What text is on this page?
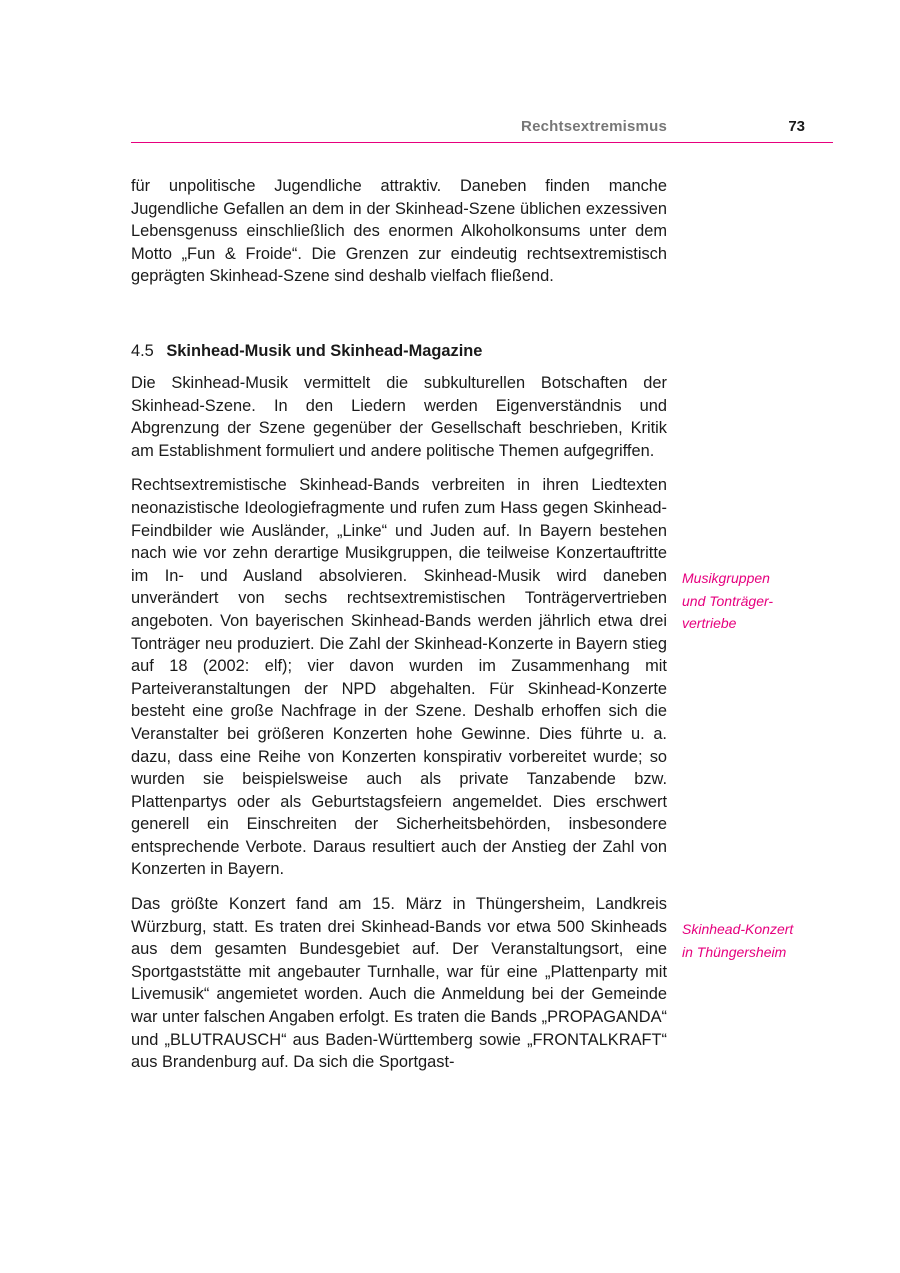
Rechtsextremismus	73

für unpolitische Jugendliche attraktiv. Daneben finden manche Jugendliche Gefallen an dem in der Skinhead-Szene üblichen exzessiven Lebensgenuss einschließlich des enormen Alkoholkonsums unter dem Motto „Fun & Froide“. Die Grenzen zur eindeutig rechtsextremistisch geprägten Skinhead-Szene sind deshalb vielfach fließend.

4.5 Skinhead-Musik und Skinhead-Magazine

Die Skinhead-Musik vermittelt die subkulturellen Botschaften der Skinhead-Szene. In den Liedern werden Eigenverständnis und Abgrenzung der Szene gegenüber der Gesellschaft beschrieben, Kritik am Establishment formuliert und andere politische Themen aufgegriffen.

Rechtsextremistische Skinhead-Bands verbreiten in ihren Liedtexten neonazistische Ideologiefragmente und rufen zum Hass gegen Skinhead-Feindbilder wie Ausländer, „Linke“ und Juden auf. In Bayern bestehen nach wie vor zehn derartige Musikgruppen, die teilweise Konzertauftritte im In- und Ausland absolvieren. Skinhead-Musik wird daneben unverändert von sechs rechtsextremistischen Tonträgervertrieben angeboten. Von bayerischen Skinhead-Bands werden jährlich etwa drei Tonträger neu produziert. Die Zahl der Skinhead-Konzerte in Bayern stieg auf 18 (2002: elf); vier davon wurden im Zusammenhang mit Parteiveranstaltungen der NPD abgehalten. Für Skinhead-Konzerte besteht eine große Nachfrage in der Szene. Deshalb erhoffen sich die Veranstalter bei größeren Konzerten hohe Gewinne. Dies führte u. a. dazu, dass eine Reihe von Konzerten konspirativ vorbereitet wurde; so wurden sie beispielsweise auch als private Tanzabende bzw. Plattenpartys oder als Geburtstagsfeiern angemeldet. Dies erschwert generell ein Einschreiten der Sicherheitsbehörden, insbesondere entsprechende Verbote. Daraus resultiert auch der Anstieg der Zahl von Konzerten in Bayern.

Das größte Konzert fand am 15. März in Thüngersheim, Landkreis Würzburg, statt. Es traten drei Skinhead-Bands vor etwa 500 Skinheads aus dem gesamten Bundesgebiet auf. Der Veranstaltungsort, eine Sportgaststätte mit angebauter Turnhalle, war für eine „Plattenparty mit Livemusik“ angemietet worden. Auch die Anmeldung bei der Gemeinde war unter falschen Angaben erfolgt. Es traten die Bands „PROPAGANDA“ und „BLUTRAUSCH“ aus Baden-Württemberg sowie „FRONTALKRAFT“ aus Brandenburg auf. Da sich die Sportgast-

Musikgruppen
und Tonträger-
vertriebe
Skinhead-Konzert
in Thüngersheim
